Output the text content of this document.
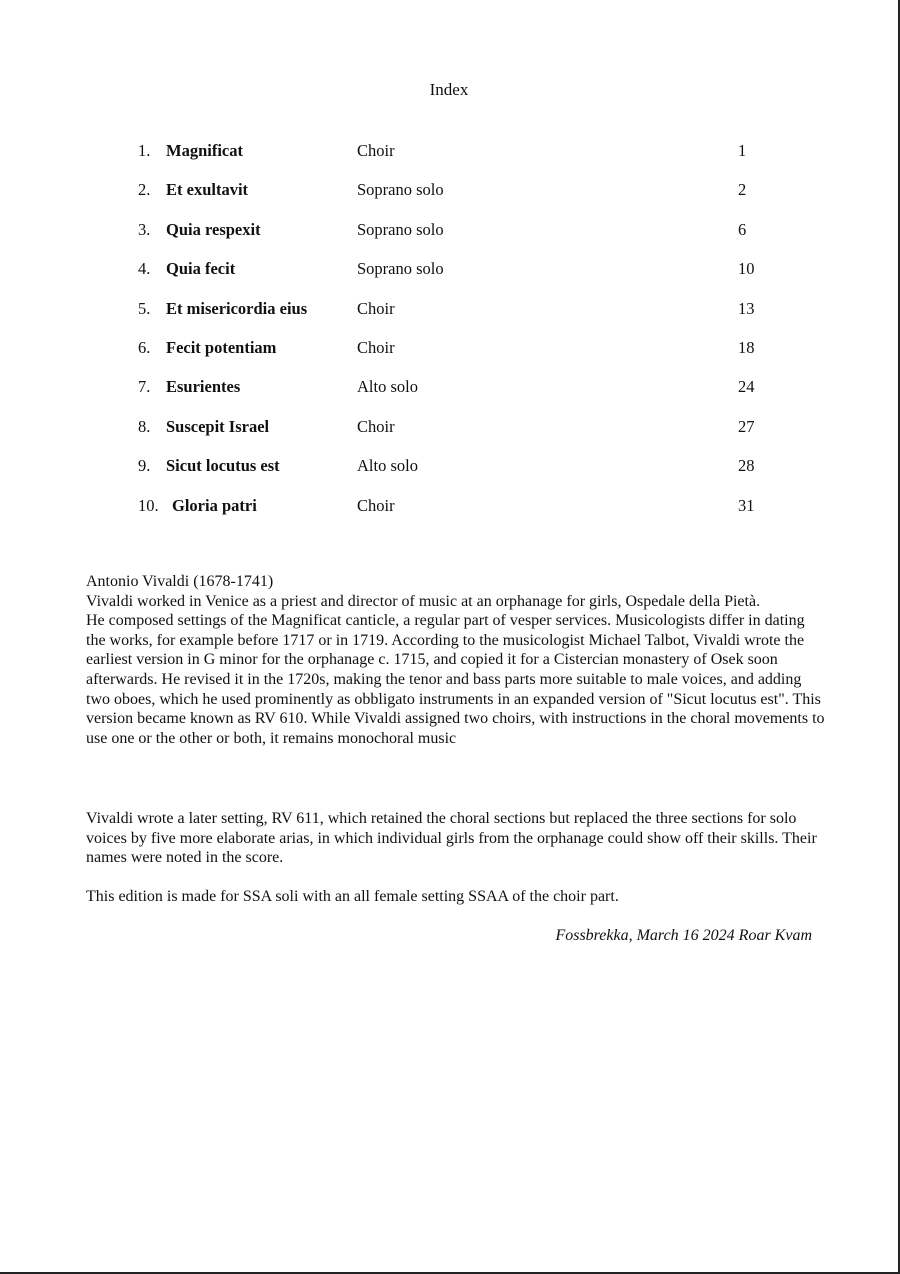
Index
1. Magnificat	Choir	1
2. Et exultavit	Soprano solo	2
3. Quia respexit	Soprano solo	6
4. Quia fecit	Soprano solo	10
5. Et misericordia eius	Choir	13
6. Fecit potentiam	Choir	18
7. Esurientes	Alto solo	24
8. Suscepit Israel	Choir	27
9. Sicut locutus est	Alto solo	28
10. Gloria patri	Choir	31
Antonio Vivaldi (1678-1741)
Vivaldi worked in Venice as a priest and director of music at an orphanage for girls, Ospedale della Pietà.
He composed settings of the Magnificat canticle, a regular part of vesper services. Musicologists differ in dating the works, for example before 1717 or in 1719. According to the musicologist Michael Talbot, Vivaldi wrote the earliest version in G minor for the orphanage c. 1715, and copied it for a Cistercian monastery of Osek soon afterwards. He revised it in the 1720s, making the tenor and bass parts more suitable to male voices, and adding two oboes, which he used prominently as obbligato instruments in an expanded version of "Sicut locutus est". This version became known as RV 610. While Vivaldi assigned two choirs, with instructions in the choral movements to use one or the other or both, it remains monochoral music

Vivaldi wrote a later setting, RV 611, which retained the choral sections but replaced the three sections for solo voices by five more elaborate arias, in which individual girls from the orphanage could show off their skills. Their names were noted in the score.

This edition is made for SSA soli with an all female setting SSAA of the choir part.

Fossbrekka, March 16 2024 Roar Kvam
